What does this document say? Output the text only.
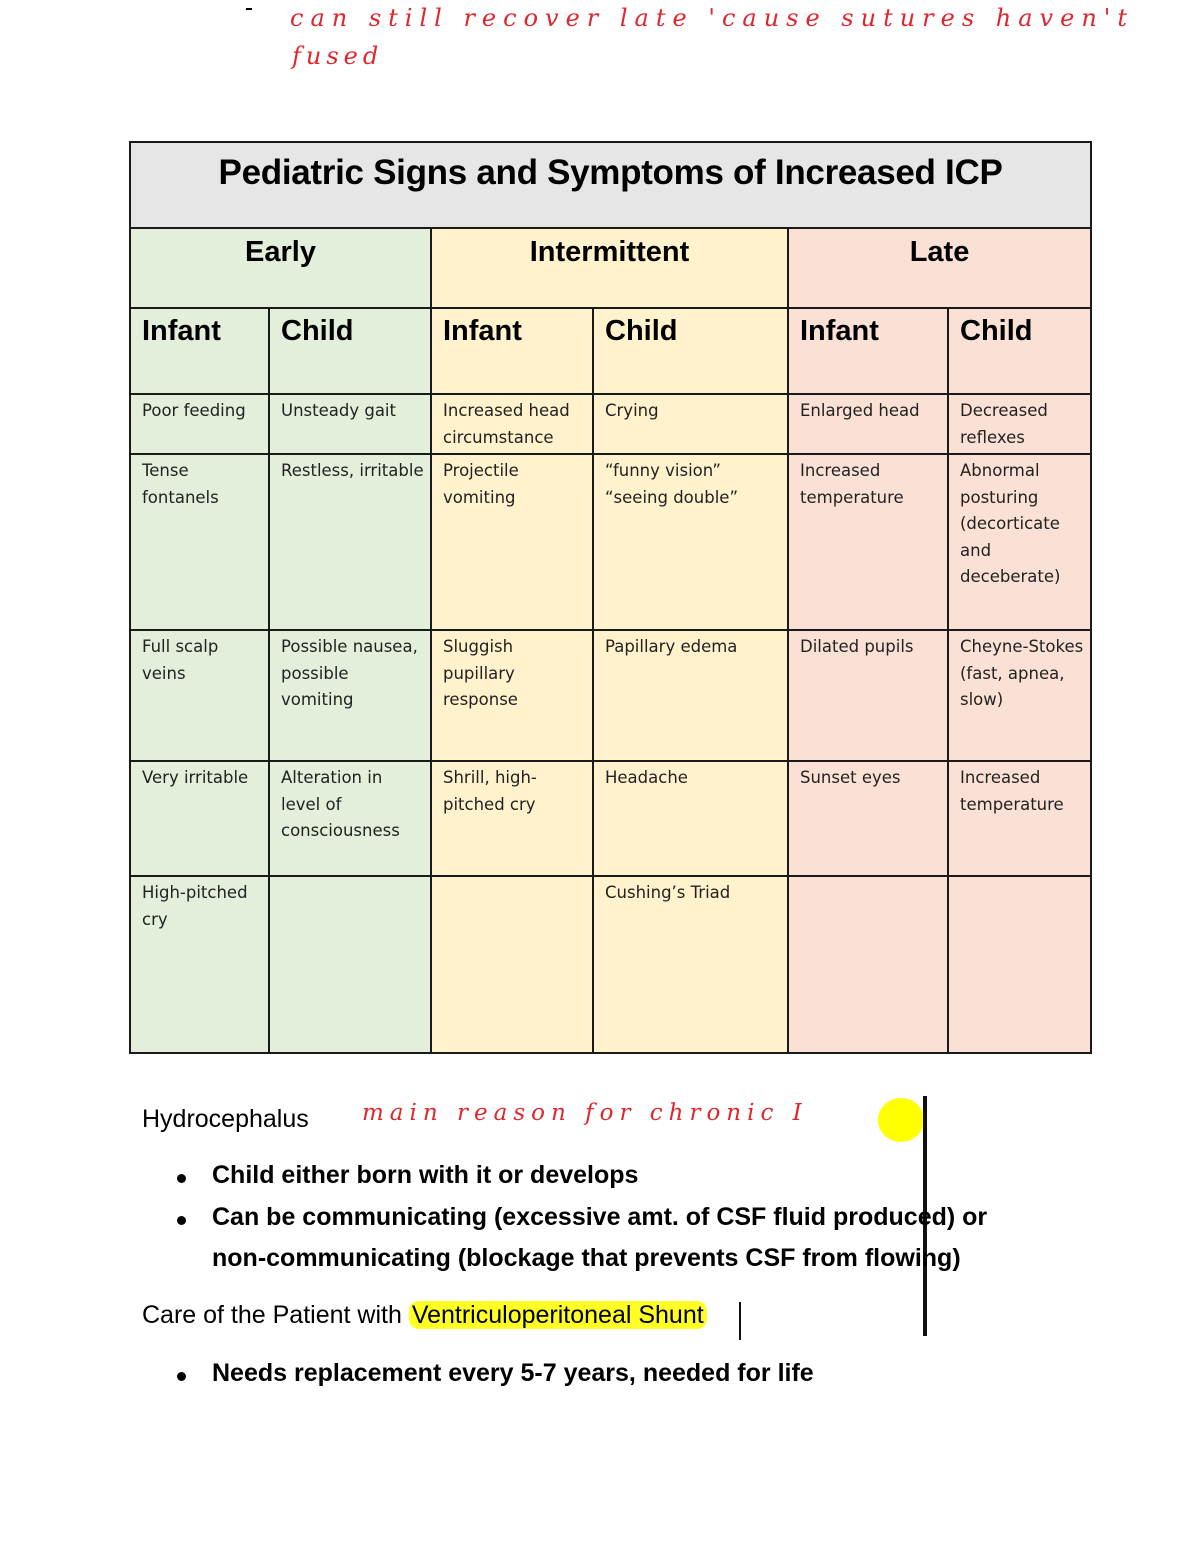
can still recover late 'cause sutures haven't
fused
Pediatric Signs and Symptoms of Increased ICP					
Early		Intermittent		Late	
Infant	Child	Infant	Child	Infant	Child

Poor feeding	Unsteady gait	Increased head circumstance	Crying	Enlarged head	Decreased reflexes

Tense fontanels	Restless, irritable	Projectile vomiting	“funny vision” “seeing double”	Increased temperature	Abnormal posturing (decorticate and deceberate)

Full scalp veins	Possible nausea, possible vomiting	Sluggish pupillary response	Papillary edema	Dilated pupils	Cheyne-Stokes (fast, apnea, slow)

Very irritable	Alteration in level of consciousness	Shrill, high-pitched cry	Headache	Sunset eyes	Increased temperature

High-pitched cry			Cushing’s Triad		

Hydrocephalus main reason for chronic I
Child either born with it or develops
Can be communicating (excessive amt. of CSF fluid produced) or
non-communicating (blockage that prevents CSF from flowing)
Care of the Patient with Ventriculoperitoneal Shunt
Needs replacement every 5-7 years, needed for life
